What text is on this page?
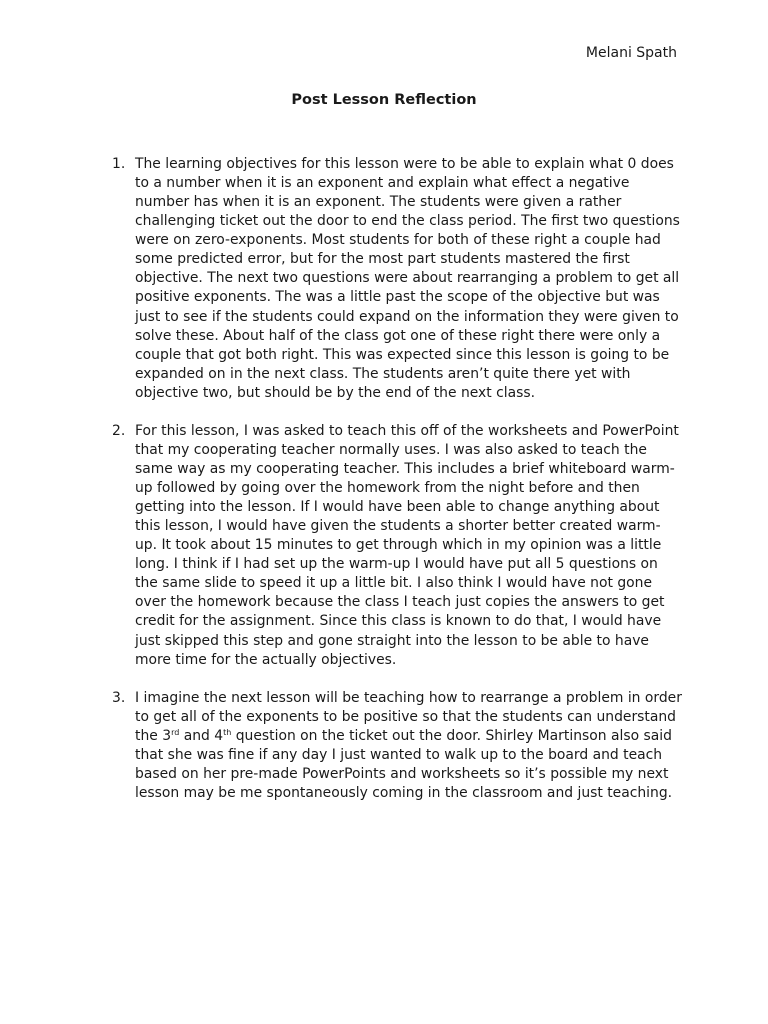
Melani Spath
Post Lesson Reflection
1. The learning objectives for this lesson were to be able to explain what 0 does to a number when it is an exponent and explain what effect a negative number has when it is an exponent. The students were given a rather challenging ticket out the door to end the class period. The first two questions were on zero-exponents. Most students for both of these right a couple had some predicted error, but for the most part students mastered the first objective. The next two questions were about rearranging a problem to get all positive exponents. The was a little past the scope of the objective but was just to see if the students could expand on the information they were given to solve these. About half of the class got one of these right there were only a couple that got both right. This was expected since this lesson is going to be expanded on in the next class. The students aren’t quite there yet with objective two, but should be by the end of the next class.
2. For this lesson, I was asked to teach this off of the worksheets and PowerPoint that my cooperating teacher normally uses. I was also asked to teach the same way as my cooperating teacher. This includes a brief whiteboard warm-up followed by going over the homework from the night before and then getting into the lesson. If I would have been able to change anything about this lesson, I would have given the students a shorter better created warm-up. It took about 15 minutes to get through which in my opinion was a little long. I think if I had set up the warm-up I would have put all 5 questions on the same slide to speed it up a little bit. I also think I would have not gone over the homework because the class I teach just copies the answers to get credit for the assignment. Since this class is known to do that, I would have just skipped this step and gone straight into the lesson to be able to have more time for the actually objectives.
3. I imagine the next lesson will be teaching how to rearrange a problem in order to get all of the exponents to be positive so that the students can understand the 3rd and 4th question on the ticket out the door. Shirley Martinson also said that she was fine if any day I just wanted to walk up to the board and teach based on her pre-made PowerPoints and worksheets so it’s possible my next lesson may be me spontaneously coming in the classroom and just teaching.
